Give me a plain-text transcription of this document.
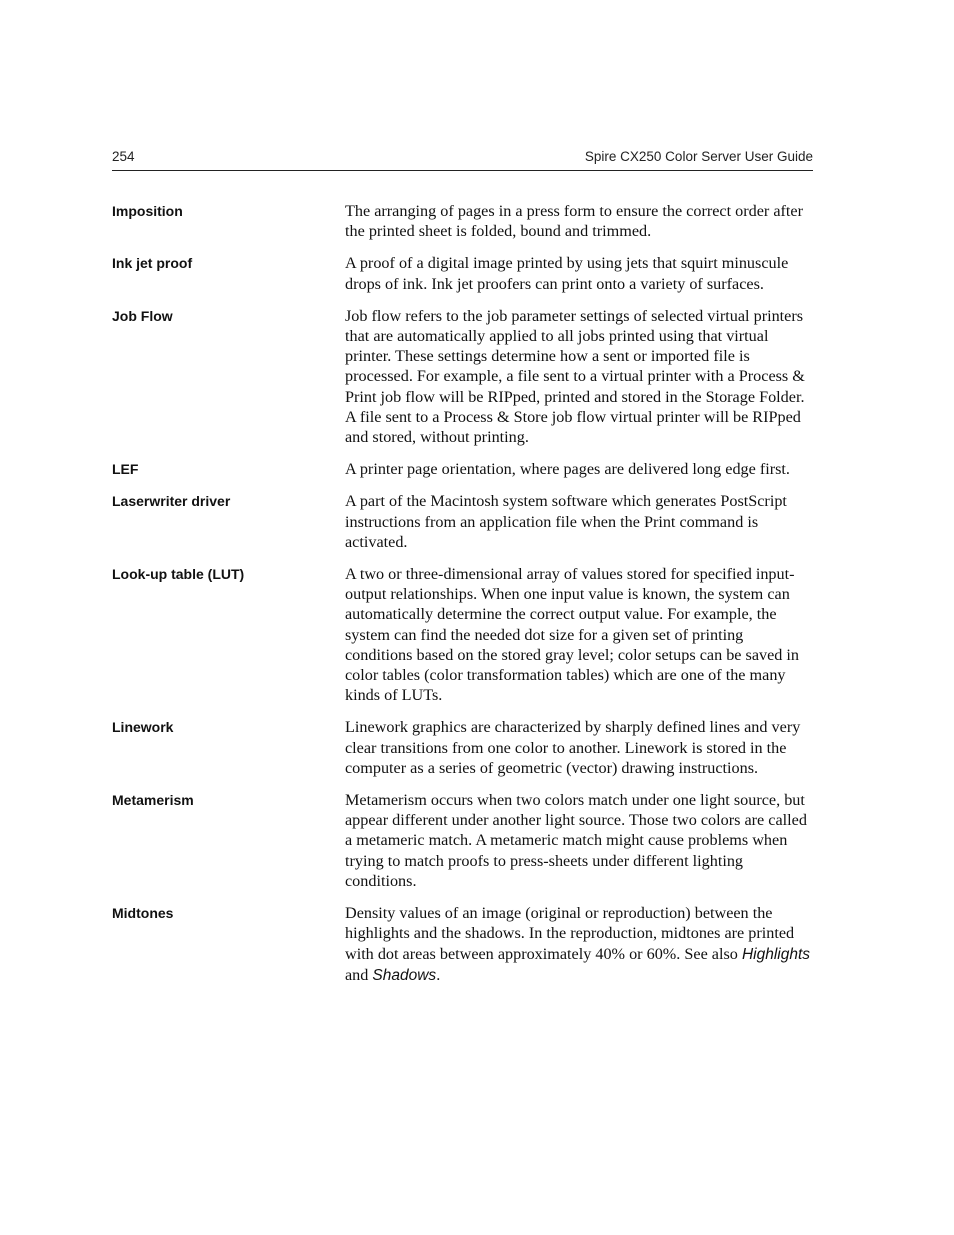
254	Spire CX250 Color Server User Guide
Imposition	The arranging of pages in a press form to ensure the correct order after the printed sheet is folded, bound and trimmed.
Ink jet proof	A proof of a digital image printed by using jets that squirt minuscule drops of ink. Ink jet proofers can print onto a variety of surfaces.
Job Flow	Job flow refers to the job parameter settings of selected virtual printers that are automatically applied to all jobs printed using that virtual printer. These settings determine how a sent or imported file is processed. For example, a file sent to a virtual printer with a Process & Print job flow will be RIPped, printed and stored in the Storage Folder. A file sent to a Process & Store job flow virtual printer will be RIPped and stored, without printing.
LEF	A printer page orientation, where pages are delivered long edge first.
Laserwriter driver	A part of the Macintosh system software which generates PostScript instructions from an application file when the Print command is activated.
Look-up table (LUT)	A two or three-dimensional array of values stored for specified input-output relationships. When one input value is known, the system can automatically determine the correct output value. For example, the system can find the needed dot size for a given set of printing conditions based on the stored gray level; color setups can be saved in color tables (color transformation tables) which are one of the many kinds of LUTs.
Linework	Linework graphics are characterized by sharply defined lines and very clear transitions from one color to another. Linework is stored in the computer as a series of geometric (vector) drawing instructions.
Metamerism	Metamerism occurs when two colors match under one light source, but appear different under another light source. Those two colors are called a metameric match. A metameric match might cause problems when trying to match proofs to press-sheets under different lighting conditions.
Midtones	Density values of an image (original or reproduction) between the highlights and the shadows. In the reproduction, midtones are printed with dot areas between approximately 40% or 60%. See also Highlights and Shadows.
